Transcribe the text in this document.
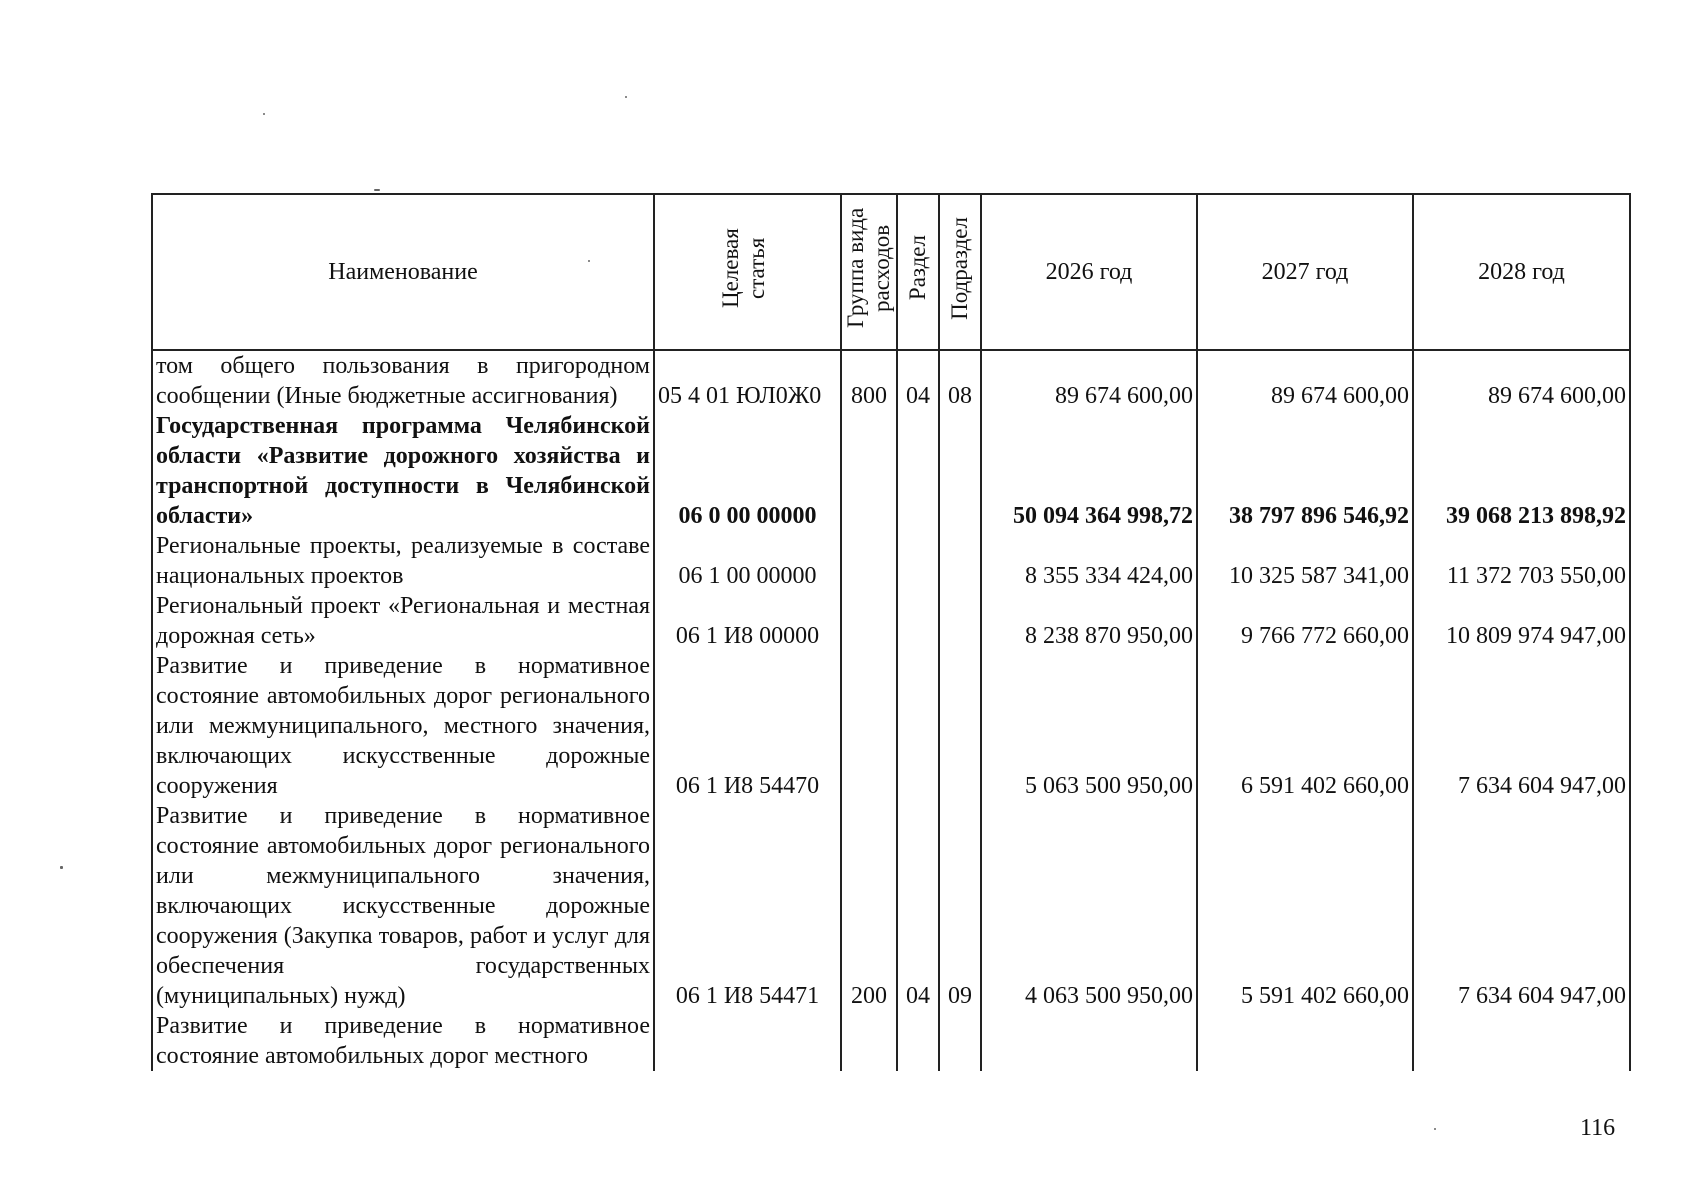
Наименование	Целевая статья	Группа вида расходов	Раздел	Подраздел	2026 год	2027 год	2028 год
том общего пользования в пригородном сообщении (Иные бюджетные ассигнования)	05 4 01 ЮЛ0Ж0	800	04	08	89 674 600,00	89 674 600,00	89 674 600,00
Государственная программа Челябинской области «Развитие дорожного хозяйства и транспортной доступности в Челябинской области»	06 0 00 00000				50 094 364 998,72	38 797 896 546,92	39 068 213 898,92
Региональные проекты, реализуемые в составе национальных проектов	06 1 00 00000				8 355 334 424,00	10 325 587 341,00	11 372 703 550,00
Региональный проект «Региональная и местная дорожная сеть»	06 1 И8 00000				8 238 870 950,00	9 766 772 660,00	10 809 974 947,00
Развитие и приведение в нормативное состояние автомобильных дорог регионального или межмуниципального, местного значения, включающих искусственные дорожные сооружения	06 1 И8 54470				5 063 500 950,00	6 591 402 660,00	7 634 604 947,00
Развитие и приведение в нормативное состояние автомобильных дорог регионального или межмуниципального значения, включающих искусственные дорожные сооружения (Закупка товаров, работ и услуг для обеспечения государственных (муниципальных) нужд)	06 1 И8 54471	200	04	09	4 063 500 950,00	5 591 402 660,00	7 634 604 947,00
Развитие и приведение в нормативное состояние автомобильных дорог местного							
116
